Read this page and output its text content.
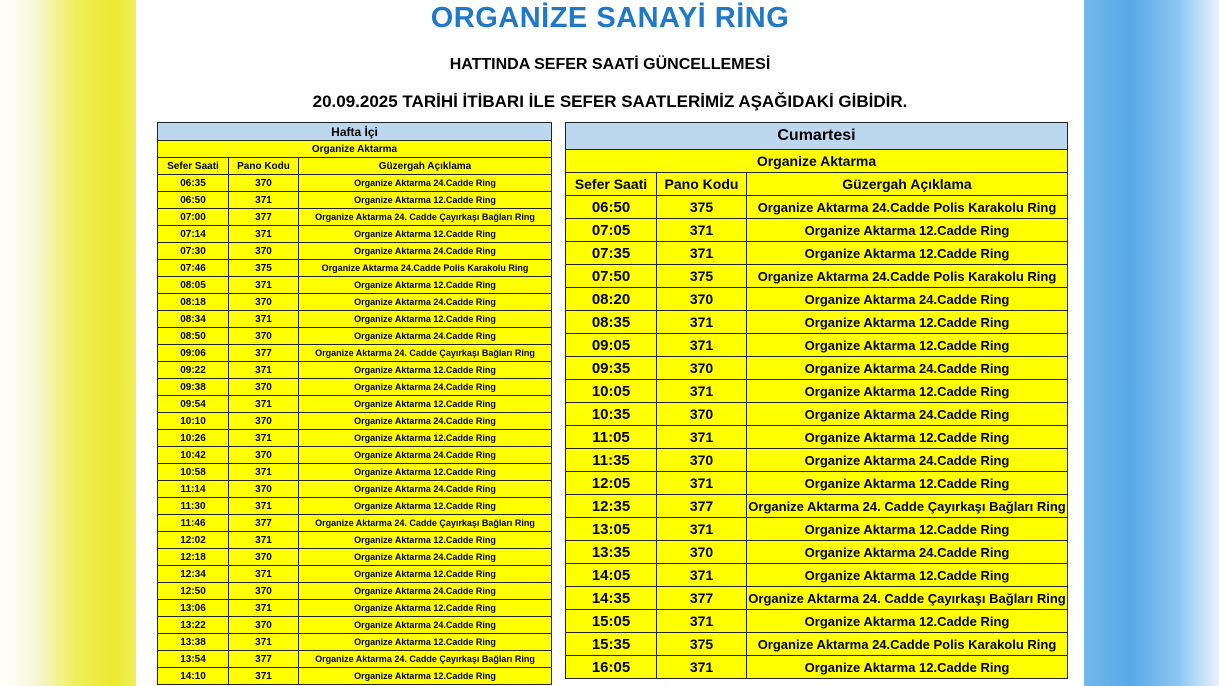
ORGANİZE SANAYİ RİNG
HATTINDA SEFER SAATİ GÜNCELLEMESİ
20.09.2025 TARİHİ İTİBARI İLE SEFER SAATLERİMİZ AŞAĞIDAKİ GİBİDİR.
Hafta İçi		
Organize Aktarma		
Sefer Saati	Pano Kodu	Güzergah Açıklama
06:35	370	Organize Aktarma 24.Cadde Ring
06:50	371	Organize Aktarma 12.Cadde Ring
07:00	377	Organize Aktarma 24. Cadde Çayırkaşı Bağları Ring
07:14	371	Organize Aktarma 12.Cadde Ring
07:30	370	Organize Aktarma 24.Cadde Ring
07:46	375	Organize Aktarma 24.Cadde Polis Karakolu Ring
08:05	371	Organize Aktarma 12.Cadde Ring
08:18	370	Organize Aktarma 24.Cadde Ring
08:34	371	Organize Aktarma 12.Cadde Ring
08:50	370	Organize Aktarma 24.Cadde Ring
09:06	377	Organize Aktarma 24. Cadde Çayırkaşı Bağları Ring
09:22	371	Organize Aktarma 12.Cadde Ring
09:38	370	Organize Aktarma 24.Cadde Ring
09:54	371	Organize Aktarma 12.Cadde Ring
10:10	370	Organize Aktarma 24.Cadde Ring
10:26	371	Organize Aktarma 12.Cadde Ring
10:42	370	Organize Aktarma 24.Cadde Ring
10:58	371	Organize Aktarma 12.Cadde Ring
11:14	370	Organize Aktarma 24.Cadde Ring
11:30	371	Organize Aktarma 12.Cadde Ring
11:46	377	Organize Aktarma 24. Cadde Çayırkaşı Bağları Ring
12:02	371	Organize Aktarma 12.Cadde Ring
12:18	370	Organize Aktarma 24.Cadde Ring
12:34	371	Organize Aktarma 12.Cadde Ring
12:50	370	Organize Aktarma 24.Cadde Ring
13:06	371	Organize Aktarma 12.Cadde Ring
13:22	370	Organize Aktarma 24.Cadde Ring
13:38	371	Organize Aktarma 12.Cadde Ring
13:54	377	Organize Aktarma 24. Cadde Çayırkaşı Bağları Ring
14:10	371	Organize Aktarma 12.Cadde Ring
Cumartesi		
Organize Aktarma		
Sefer Saati	Pano Kodu	Güzergah Açıklama
06:50	375	Organize Aktarma 24.Cadde Polis Karakolu Ring
07:05	371	Organize Aktarma 12.Cadde Ring
07:35	371	Organize Aktarma 12.Cadde Ring
07:50	375	Organize Aktarma 24.Cadde Polis Karakolu Ring
08:20	370	Organize Aktarma 24.Cadde Ring
08:35	371	Organize Aktarma 12.Cadde Ring
09:05	371	Organize Aktarma 12.Cadde Ring
09:35	370	Organize Aktarma 24.Cadde Ring
10:05	371	Organize Aktarma 12.Cadde Ring
10:35	370	Organize Aktarma 24.Cadde Ring
11:05	371	Organize Aktarma 12.Cadde Ring
11:35	370	Organize Aktarma 24.Cadde Ring
12:05	371	Organize Aktarma 12.Cadde Ring
12:35	377	Organize Aktarma 24. Cadde Çayırkaşı Bağları Ring
13:05	371	Organize Aktarma 12.Cadde Ring
13:35	370	Organize Aktarma 24.Cadde Ring
14:05	371	Organize Aktarma 12.Cadde Ring
14:35	377	Organize Aktarma 24. Cadde Çayırkaşı Bağları Ring
15:05	371	Organize Aktarma 12.Cadde Ring
15:35	375	Organize Aktarma 24.Cadde Polis Karakolu Ring
16:05	371	Organize Aktarma 12.Cadde Ring
